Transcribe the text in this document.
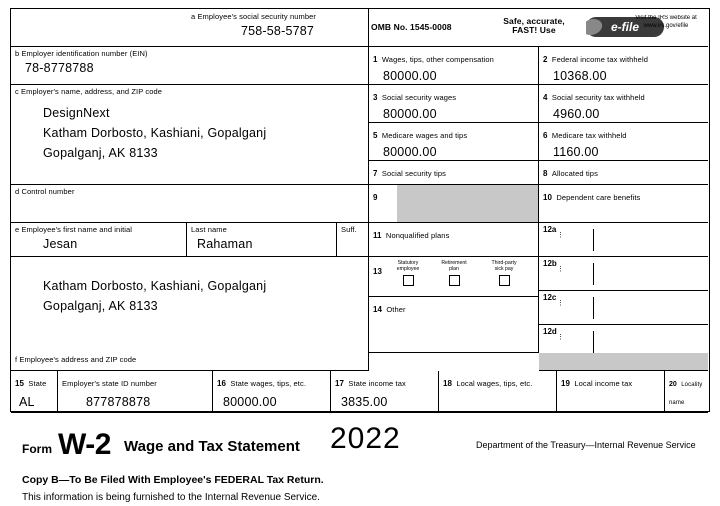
a Employee's social security number
758-58-5787	OMB No. 1545-0008
Safe, accurate,
FAST! Use	e-file
Visit the IRS website at
www.irs.gov/efile
b Employer identification number (EIN)
78-8778788
c Employer's name, address, and ZIP code
DesignNext
Katham Dorbosto, Kashiani, Gopalganj
Gopalganj, AK 8133
d Control number
e Employee's first name and initial
Jesan
Last name
Rahaman
Suff.
Katham Dorbosto, Kashiani, Gopalganj
Gopalganj, AK 8133
f Employee's address and ZIP code
1 Wages, tips, other compensation
80000.00
2 Federal income tax withheld
10368.00
3 Social security wages
80000.00
4 Social security tax withheld
4960.00
5 Medicare wages and tips
80000.00
6 Medicare tax withheld
1160.00
7 Social security tips	8 Allocated tips
9	10 Dependent care benefits
11 Nonqualified plans
12a
⋮
13
Statutory
employee
Retirement
plan
Third-party
sick pay
12b
⋮
14 Other
12c
⋮
12d
⋮
15 State
AL
Employer's state ID number
877878878
16 State wages, tips, etc.
80000.00
17 State income tax
3835.00
18 Local wages, tips, etc.	19 Local income tax	20 Locality name
Form W-2 Wage and Tax Statement 2022	Department of the Treasury—Internal Revenue Service
Copy B—To Be Filed With Employee's FEDERAL Tax Return.
This information is being furnished to the Internal Revenue Service.
